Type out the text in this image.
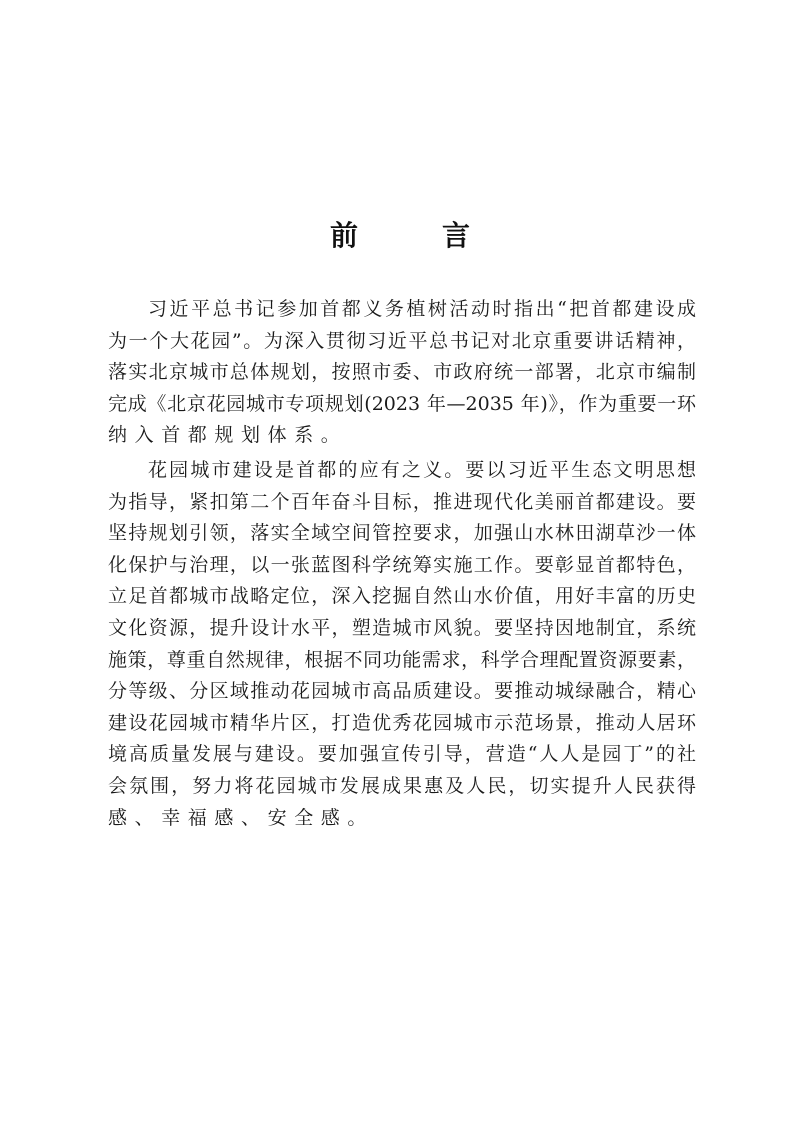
前　言
习近平总书记参加首都义务植树活动时指出“把首都建设成
为一个大花园”。为深入贯彻习近平总书记对北京重要讲话精神，
落实北京城市总体规划，按照市委、市政府统一部署，北京市编制
完成《北京花园城市专项规划(2023 年—2035 年)》，作为重要一环
纳入首都规划体系。
花园城市建设是首都的应有之义。要以习近平生态文明思想
为指导，紧扣第二个百年奋斗目标，推进现代化美丽首都建设。要
坚持规划引领，落实全域空间管控要求，加强山水林田湖草沙一体
化保护与治理，以一张蓝图科学统筹实施工作。要彰显首都特色，
立足首都城市战略定位，深入挖掘自然山水价值，用好丰富的历史
文化资源，提升设计水平，塑造城市风貌。要坚持因地制宜，系统
施策，尊重自然规律，根据不同功能需求，科学合理配置资源要素，
分等级、分区域推动花园城市高品质建设。要推动城绿融合，精心
建设花园城市精华片区，打造优秀花园城市示范场景，推动人居环
境高质量发展与建设。要加强宣传引导，营造“人人是园丁”的社
会氛围，努力将花园城市发展成果惠及人民，切实提升人民获得
感、幸福感、安全感。
